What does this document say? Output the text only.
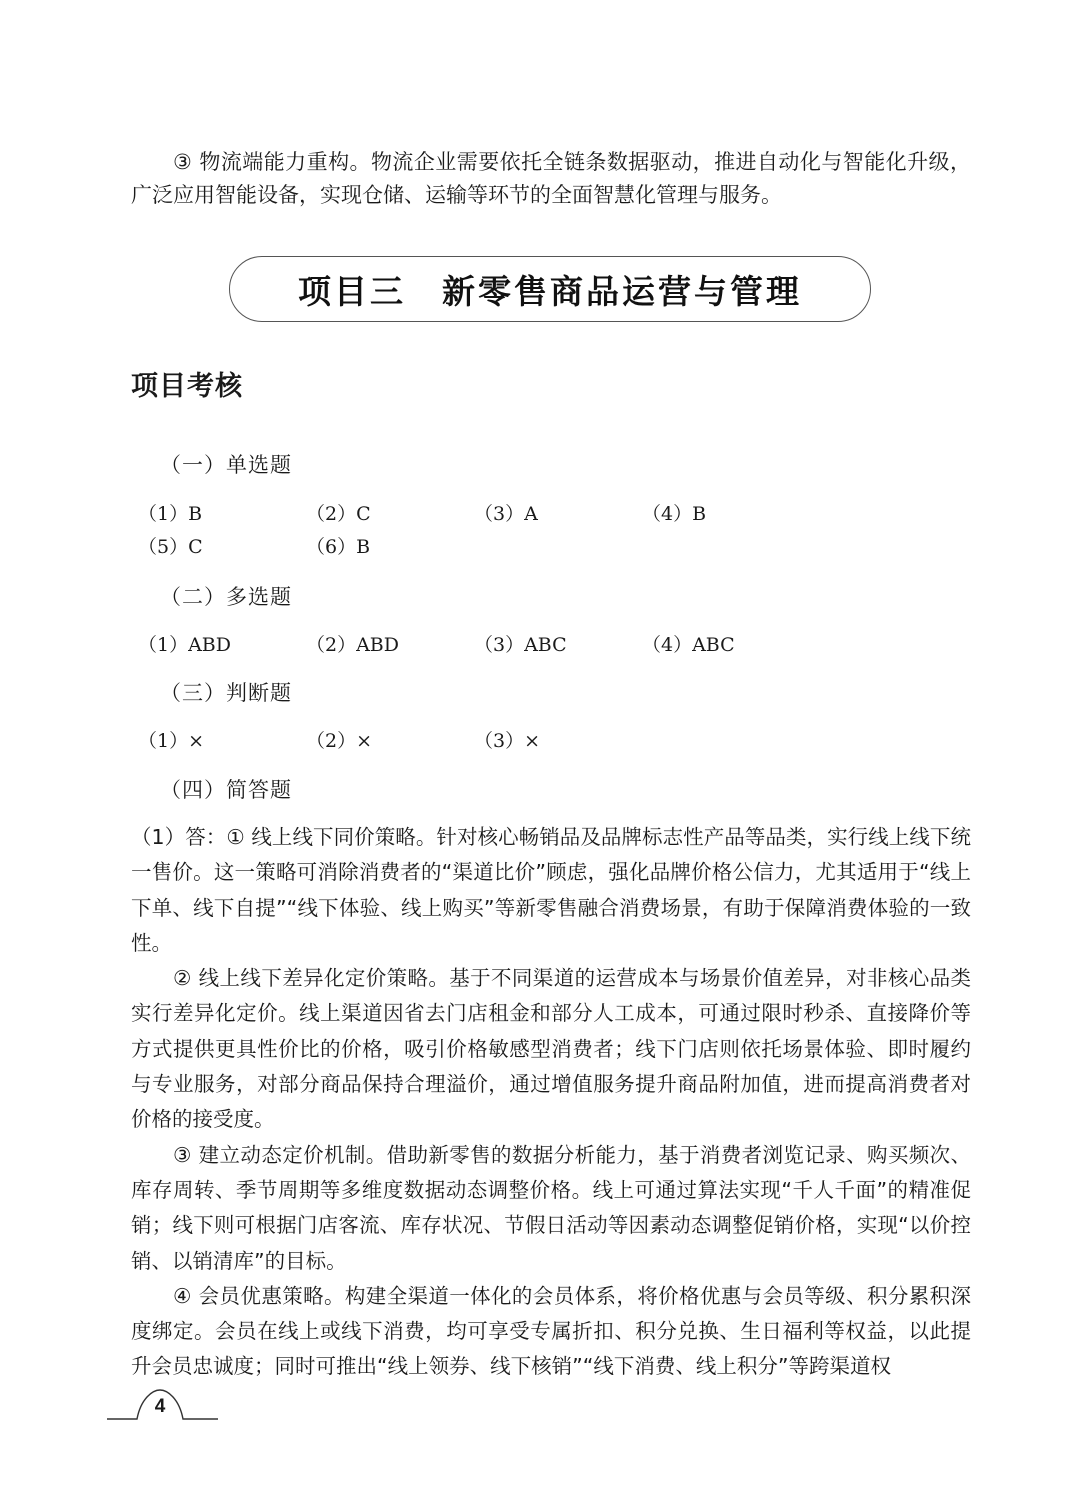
③ 物流端能力重构。物流企业需要依托全链条数据驱动，推进自动化与智能化升级，广泛应用智能设备，实现仓储、运输等环节的全面智慧化管理与服务。
项目三　新零售商品运营与管理
项目考核
（一）单选题
（1）B	（2）C	（3）A	（4）B
（5）C	（6）B
（二）多选题
（1）ABD	（2）ABD	（3）ABC	（4）ABC
（三）判断题
（1）×	（2）×	（3）×
（四）简答题

（1）答：① 线上线下同价策略。针对核心畅销品及品牌标志性产品等品类，实行线上线下统一售价。这一策略可消除消费者的“渠道比价”顾虑，强化品牌价格公信力，尤其适用于“线上下单、线下自提”“线下体验、线上购买”等新零售融合消费场景，有助于保障消费体验的一致性。

② 线上线下差异化定价策略。基于不同渠道的运营成本与场景价值差异，对非核心品类实行差异化定价。线上渠道因省去门店租金和部分人工成本，可通过限时秒杀、直接降价等方式提供更具性价比的价格，吸引价格敏感型消费者；线下门店则依托场景体验、即时履约与专业服务，对部分商品保持合理溢价，通过增值服务提升商品附加值，进而提高消费者对价格的接受度。

③ 建立动态定价机制。借助新零售的数据分析能力，基于消费者浏览记录、购买频次、库存周转、季节周期等多维度数据动态调整价格。线上可通过算法实现“千人千面”的精准促销；线下则可根据门店客流、库存状况、节假日活动等因素动态调整促销价格，实现“以价控销、以销清库”的目标。

④ 会员优惠策略。构建全渠道一体化的会员体系，将价格优惠与会员等级、积分累积深度绑定。会员在线上或线下消费，均可享受专属折扣、积分兑换、生日福利等权益，以此提升会员忠诚度；同时可推出“线上领券、线下核销”“线下消费、线上积分”等跨渠道权

4
